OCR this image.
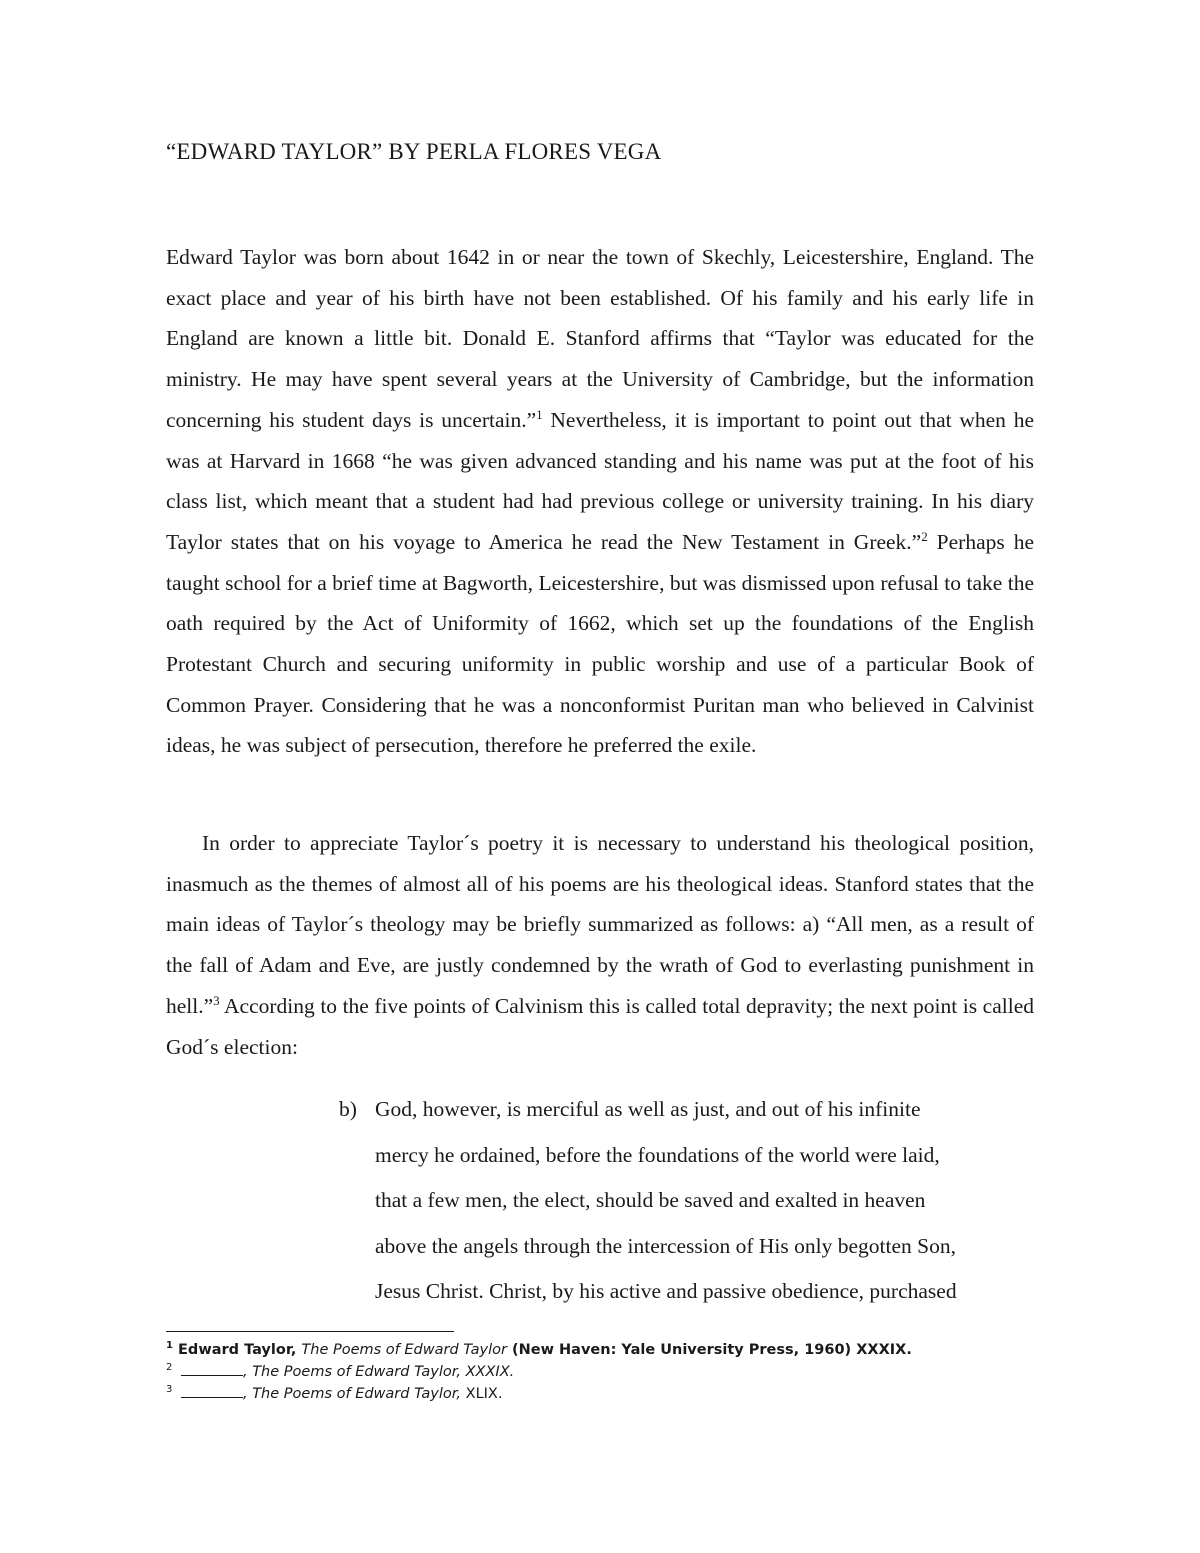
“EDWARD TAYLOR” BY PERLA FLORES VEGA

Edward Taylor was born about 1642 in or near the town of Skechly, Leicestershire, England. The exact place and year of his birth have not been established. Of his family and his early life in England are known a little bit. Donald E. Stanford affirms that “Taylor was educated for the ministry. He may have spent several years at the University of Cambridge, but the information concerning his student days is uncertain.”$^1$ Nevertheless, it is important to point out that when he was at Harvard in 1668 “he was given advanced standing and his name was put at the foot of his class list, which meant that a student had had previous college or university training. In his diary Taylor states that on his voyage to America he read the New Testament in Greek.”$^2$ Perhaps he taught school for a brief time at Bagworth, Leicestershire, but was dismissed upon refusal to take the oath required by the Act of Uniformity of 1662, which set up the foundations of the English Protestant Church and securing uniformity in public worship and use of a particular Book of Common Prayer. Considering that he was a nonconformist Puritan man who believed in Calvinist ideas, he was subject of persecution, therefore he preferred the exile.

In order to appreciate Taylor´s poetry it is necessary to understand his theological position, inasmuch as the themes of almost all of his poems are his theological ideas. Stanford states that the main ideas of Taylor´s theology may be briefly summarized as follows: a) “All men, as a result of the fall of Adam and Eve, are justly condemned by the wrath of God to everlasting punishment in hell.”$^3$ According to the five points of Calvinism this is called total depravity; the next point is called God´s election:

b) God, however, is merciful as well as just, and out of his infinite
mercy he ordained, before the foundations of the world were laid,
that a few men, the elect, should be saved and exalted in heaven
above the angels through the intercession of His only begotten Son,
Jesus Christ. Christ, by his active and passive obedience, purchased
$^1$ Edward Taylor, The Poems of Edward Taylor (New Haven: Yale University Press, 1960) XXXIX.
$^2$	, The Poems of Edward Taylor, XXXIX.
$^3$	, The Poems of Edward Taylor, XLIX.
